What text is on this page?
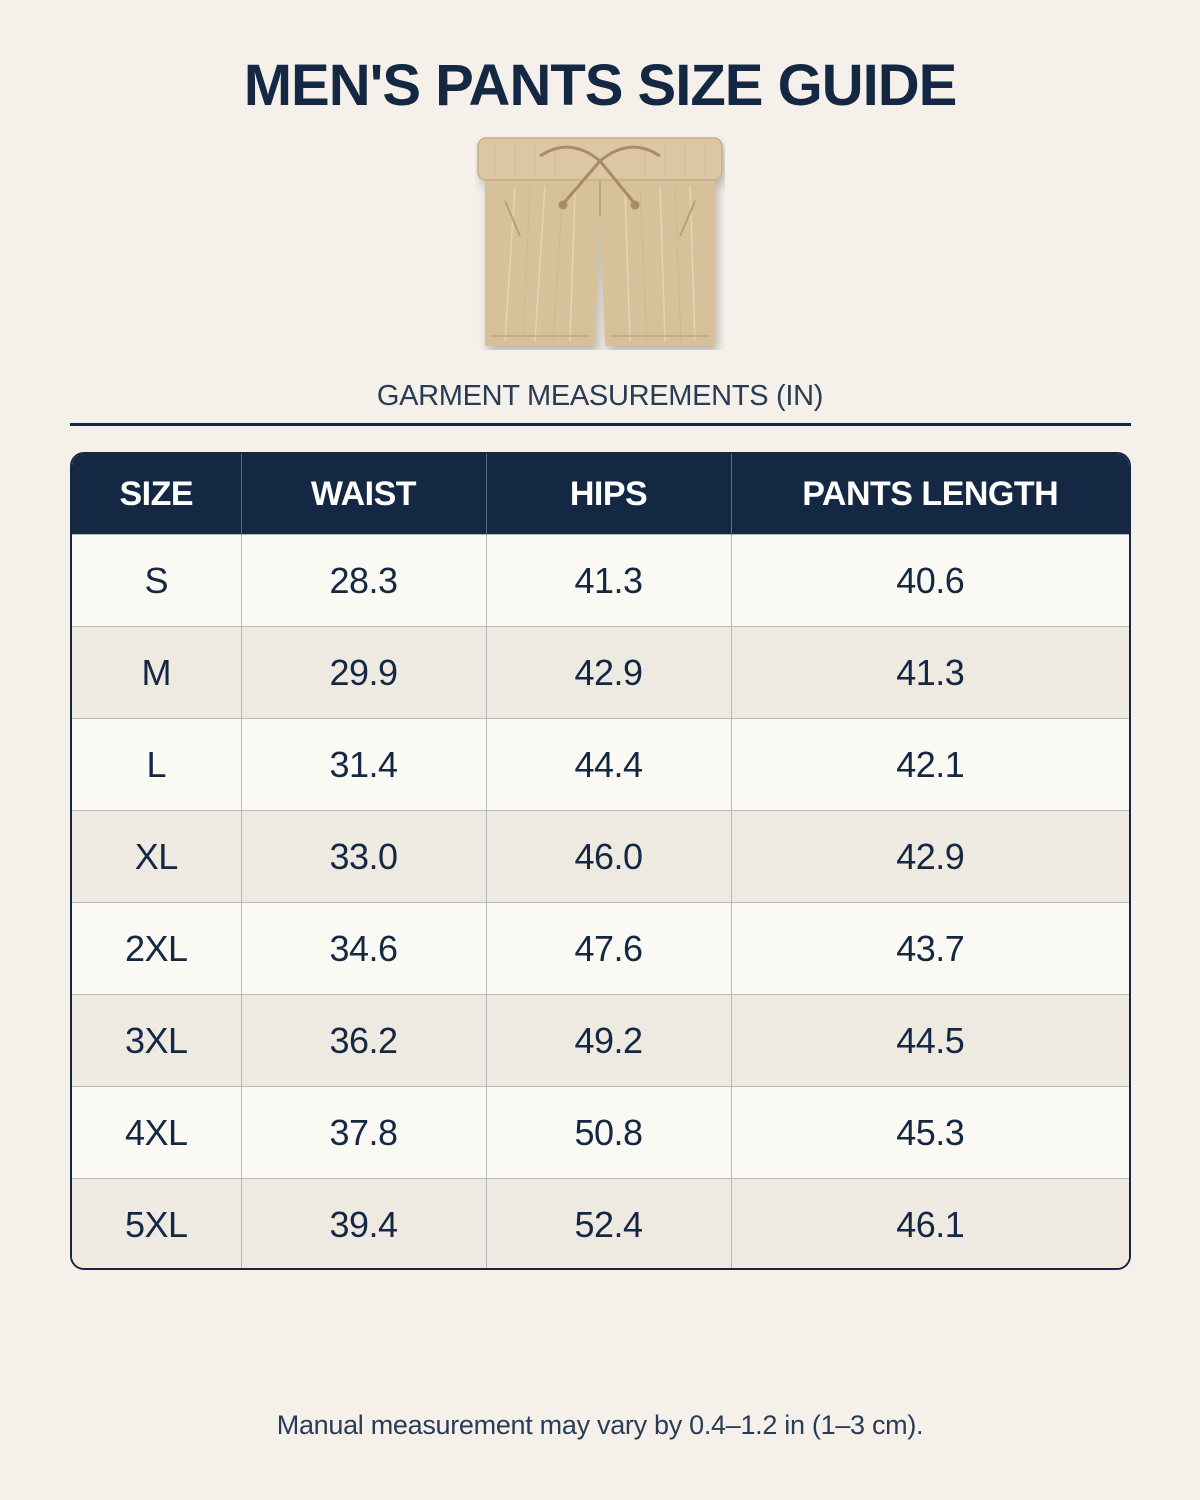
MEN'S PANTS SIZE GUIDE
GARMENT MEASUREMENTS (IN)
SIZE	WAIST	HIPS	PANTS LENGTH
S	28.3	41.3	40.6
M	29.9	42.9	41.3
L	31.4	44.4	42.1
XL	33.0	46.0	42.9
2XL	34.6	47.6	43.7
3XL	36.2	49.2	44.5
4XL	37.8	50.8	45.3
5XL	39.4	52.4	46.1
Manual measurement may vary by 0.4–1.2 in (1–3 cm).
